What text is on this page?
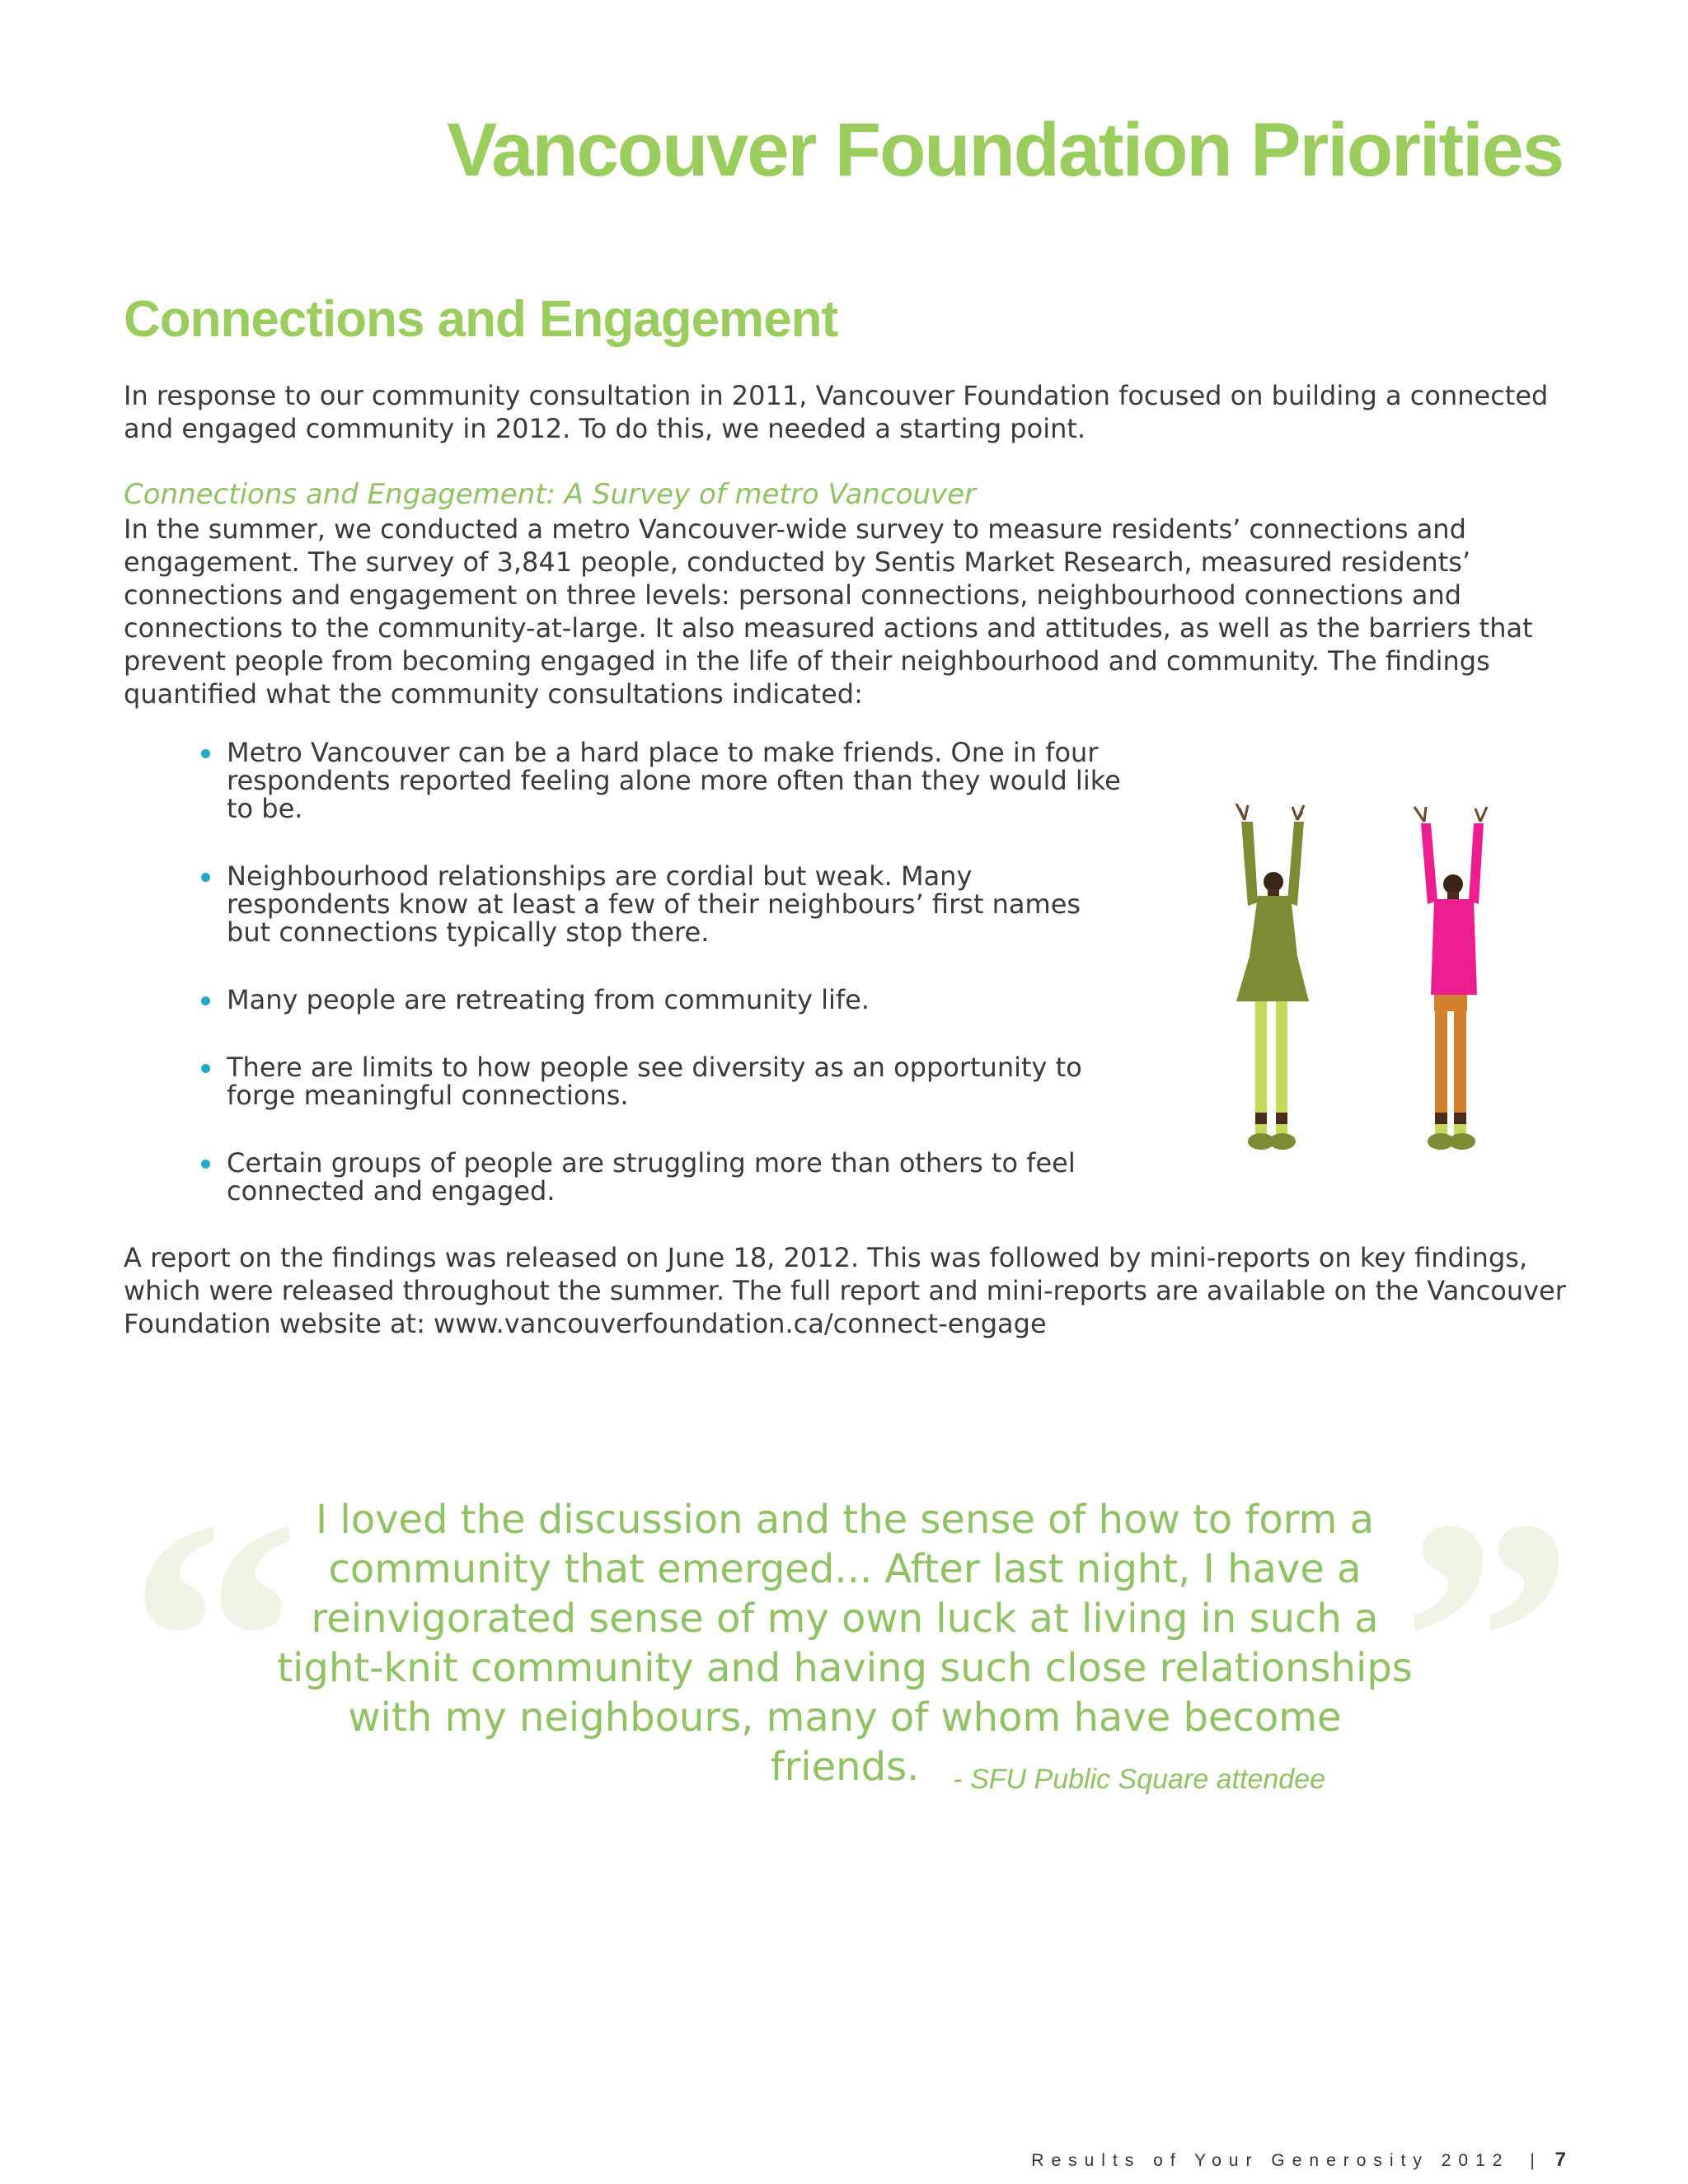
Vancouver Foundation Priorities
Connections and Engagement

In response to our community consultation in 2011, Vancouver Foundation focused on building a connected and engaged community in 2012. To do this, we needed a starting point.

Connections and Engagement: A Survey of metro Vancouver

In the summer, we conducted a metro Vancouver-wide survey to measure residents’ connections and engagement. The survey of 3,841 people, conducted by Sentis Market Research, measured residents’ connections and engagement on three levels: personal connections, neighbourhood connections and connections to the community-at-large. It also measured actions and attitudes, as well as the barriers that prevent people from becoming engaged in the life of their neighbourhood and community. The findings quantified what the community consultations indicated:

Metro Vancouver can be a hard place to make friends. One in four respondents reported feeling alone more often than they would like to be.
Neighbourhood relationships are cordial but weak. Many respondents know at least a few of their neighbours’ first names but connections typically stop there.
Many people are retreating from community life.
There are limits to how people see diversity as an opportunity to forge meaningful connections.
Certain groups of people are struggling more than others to feel connected and engaged.

A report on the findings was released on June 18, 2012. This was followed by mini-reports on key findings, which were released throughout the summer. The full report and mini-reports are available on the Vancouver Foundation website at: www.vancouverfoundation.ca/connect-engage

“	”
I loved the discussion and the sense of how to form a community that emerged... After last night, I have a reinvigorated sense of my own luck at living in such a tight-knit community and having such close relationships with my neighbours, many of whom have become friends.	- SFU Public Square attendee
Results of Your Generosity 2012 | 7
